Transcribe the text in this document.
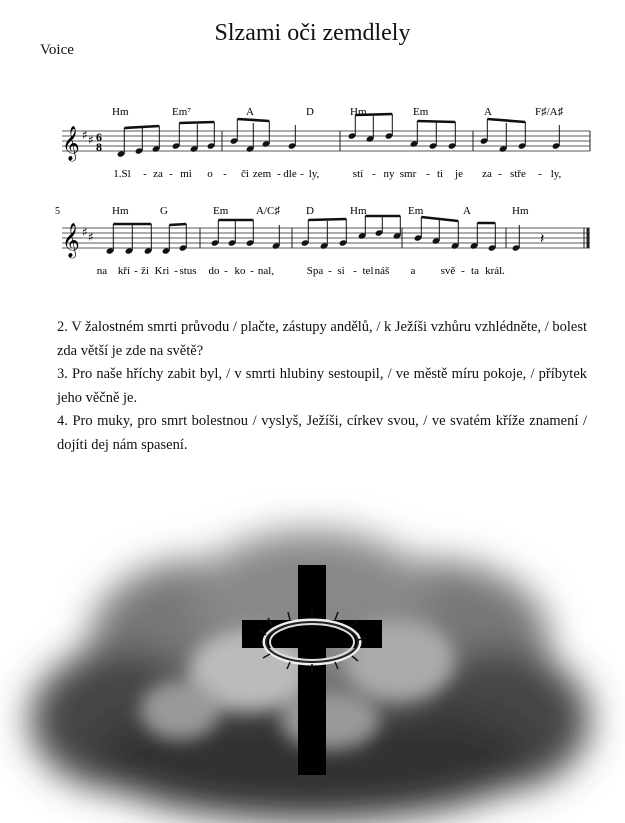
Slzami oči zemdlely
Voice
𝄞 ♯ ♯ 6
8
Hm	Em⁷	A	D	Hm	Em	A	F♯/A♯
1.Sl - za - mi o - či zem - dle - ly,	stí - ny smr - ti je za - stře - ly,
5
𝄞 ♯ ♯	𝄽
Hm	G	Em	A/C♯ D	Hm	Em	A	Hm
na kří - ži Kri - stus do - ko - nal,	Spa - si - tel náš a svě - ta král.

2. V žalostném smrti průvodu / plačte, zástupy andělů, / k Ježíši vzhůru vzhlédněte, / bolest zda větší je zde na světě?

3. Pro naše hříchy zabit byl, / v smrti hlubiny sestoupil, / ve městě míru pokoje, / příbytek jeho věčně je.

4. Pro muky, pro smrt bolestnou / vyslyš, Ježíši, církev svou, / ve svatém kříže znamení / dojíti dej nám spasení.
